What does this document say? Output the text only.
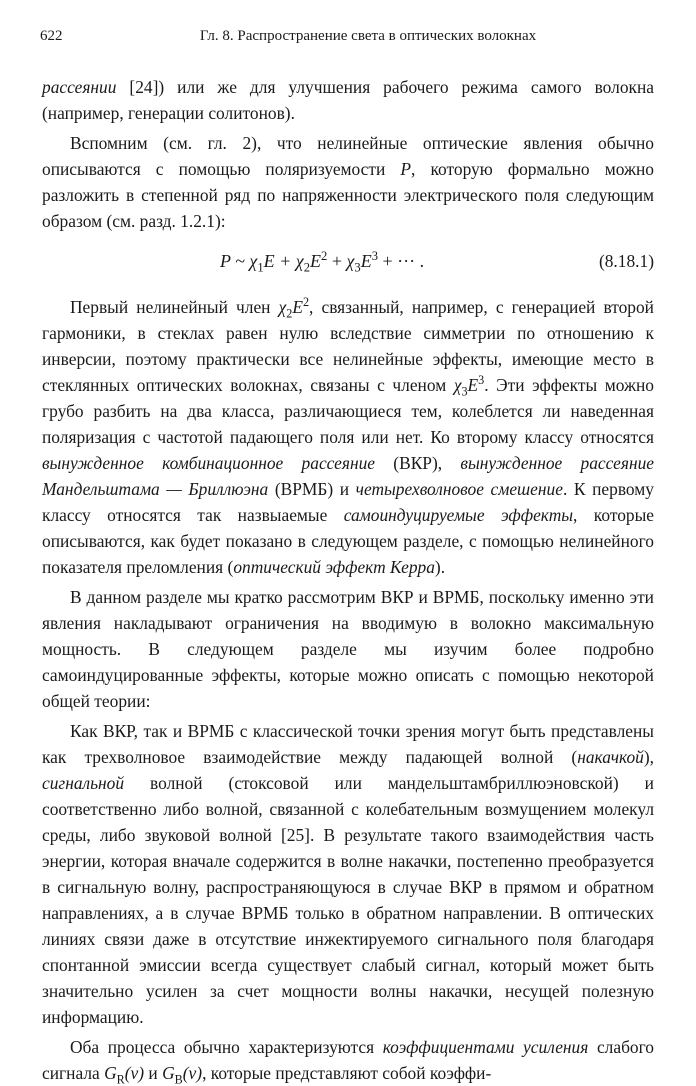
622	Гл. 8. Распространение света в оптических волокнах

рассеянии [24]) или же для улучшения рабочего режима самого волокна (например, генерации солитонов).

Вспомним (см. гл. 2), что нелинейные оптические явления обычно описываются с помощью поляризуемости P, которую формально можно разложить в степенной ряд по напряженности электрического поля следующим образом (см. разд. 1.2.1):

P ~ $\chi_1E + \chi_2E^2 + \chi_3E^3$ + ··· .	(8.18.1)

Первый нелинейный член $\chi_2E^2$, связанный, например, с генерацией второй гармоники, в стеклах равен нулю вследствие симметрии по отношению к инверсии, поэтому практически все нелинейные эффекты, имеющие место в стеклянных оптических волокнах, связаны с членом $\chi_3E^3$. Эти эффекты можно грубо разбить на два класса, различающиеся тем, колеблется ли наведенная поляризация с частотой падающего поля или нет. Ко второму классу относятся вынужденное комбинационное рассеяние (ВКР), вынужденное рассеяние Мандельштама — Бриллюэна (ВРМБ) и четырехволновое смешение. К первому классу относятся так назвыаемые самоиндуцируемые эффекты, которые описываются, как будет показано в следующем разделе, с помощью нелинейного показателя преломления (оптический эффект Керра).

В данном разделе мы кратко рассмотрим ВКР и ВРМБ, поскольку именно эти явления накладывают ограничения на вводимую в волокно максимальную мощность. В следующем разделе мы изучим более подробно самоиндуцированные эффекты, которые можно описать с помощью некоторой общей теории:

Как ВКР, так и ВРМБ с классической точки зрения могут быть представлены как трехволновое взаимодействие между падающей волной (накачкой), сигнальной волной (стоксовой или мандельштамбриллюэновской) и соответственно либо волной, связанной с колебательным возмущением молекул среды, либо звуковой волной [25]. В результате такого взаимодействия часть энергии, которая вначале содержится в волне накачки, постепенно преобразуется в сигнальную волну, распространяющуюся в случае ВКР в прямом и обратном направлениях, а в случае ВРМБ только в обратном направлении. В оптических линиях связи даже в отсутствие инжектируемого сигнального поля благодаря спонтанной эмиссии всегда существует слабый сигнал, который может быть значительно усилен за счет мощности волны накачки, несущей полезную информацию.

Оба процесса обычно характеризуются коэффициентами усиления слабого сигнала $G_R(\nu)$ и $G_B(\nu)$, которые представляют собой коэффи-
